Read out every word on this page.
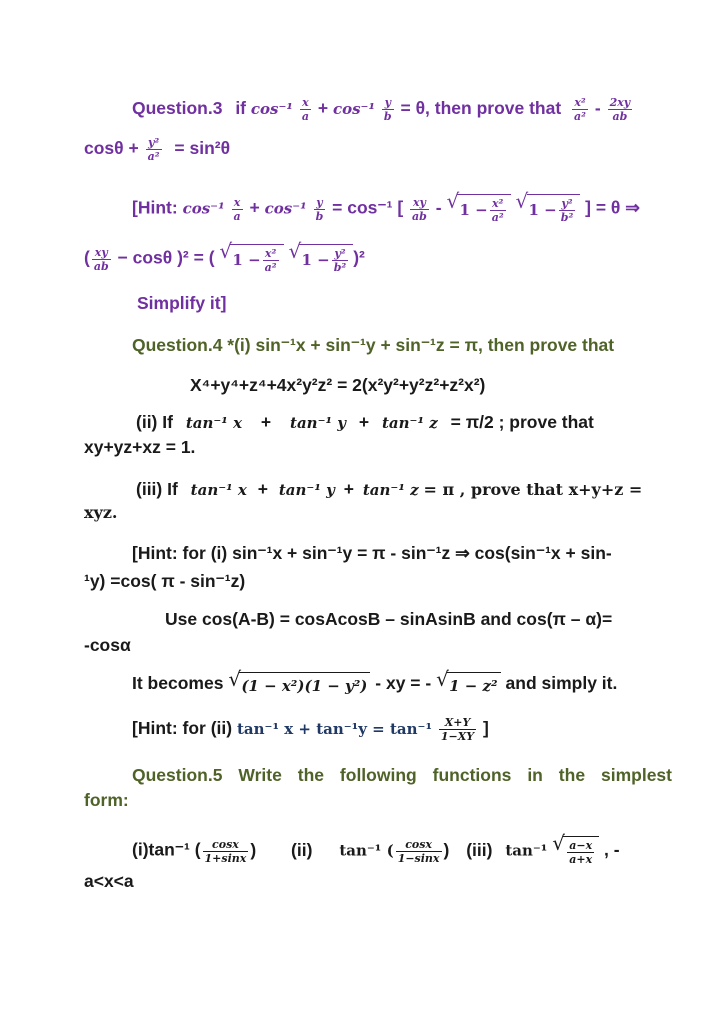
Question.3 if $\cos^{-1} \frac{x}{a} + \cos^{-1} \frac{y}{b} = \theta$, then prove that $\frac{\text{x²}}{\text{a²}} - \frac{2xy}{ab}$
$\cos\theta + \frac{\text{y²}}{\text{a²}} = \sin^2\theta$
[Hint: $\cos^{-1} \frac{x}{a} + \cos^{-1} \frac{y}{b} = \cos^{-1}$ [ $\frac{xy}{ab}$ - √ $1 - \frac{\text{x²}}{\text{a²}}$ √ $1 - \frac{\text{y²}}{\text{b²}}$ ] = θ ⇒
( $\frac{xy}{ab} - \cos\theta$ )² = ( √ $1 - \frac{\text{x²}}{\text{a²}}$ √ $1 - \frac{\text{y²}}{\text{b²}} )^2$
Simplify it]
Question.4 *(i) sin⁻¹x + sin⁻¹y + sin⁻¹z = π, then prove that
X⁴+y⁴+z⁴+4x²y²z² = 2(x²y²+y²z²+z²x²)
(ii) If tan⁻¹ x + tan⁻¹ y + tan⁻¹ z = π/2 ; prove that
xy+yz+xz = 1.
(iii) If tan⁻¹ x + tan⁻¹ y + tan⁻¹ z = π , prove that x+y+z =
xyz.
[Hint: for (i) sin⁻¹x + sin⁻¹y = π - sin⁻¹z ⇒ cos(sin⁻¹x + sin-
¹y) =cos( π - sin⁻¹z)
Use cos(A-B) = cosAcosB – sinAsinB and cos(π – α)=
-cosα
It becomes √ (1 − x²)(1 − y²) - xy = - √ 1 − z² and simply it.
[Hint: for (ii) tan⁻¹ $x + \tan^{-1}y = \tan^{-1} \frac{X+Y}{1-XY}$ ]
Question.5 Write the following functions in the simplest
form:
(i)tan⁻¹ ( $\frac{\cos x}{1+\sin x}$ ) (ii) tan⁻¹ ( $\frac{\cos x}{1-\sin x}$ ) (iii) tan⁻¹ √ $\frac{a-x}{a+x}$ , -
a<x<a
